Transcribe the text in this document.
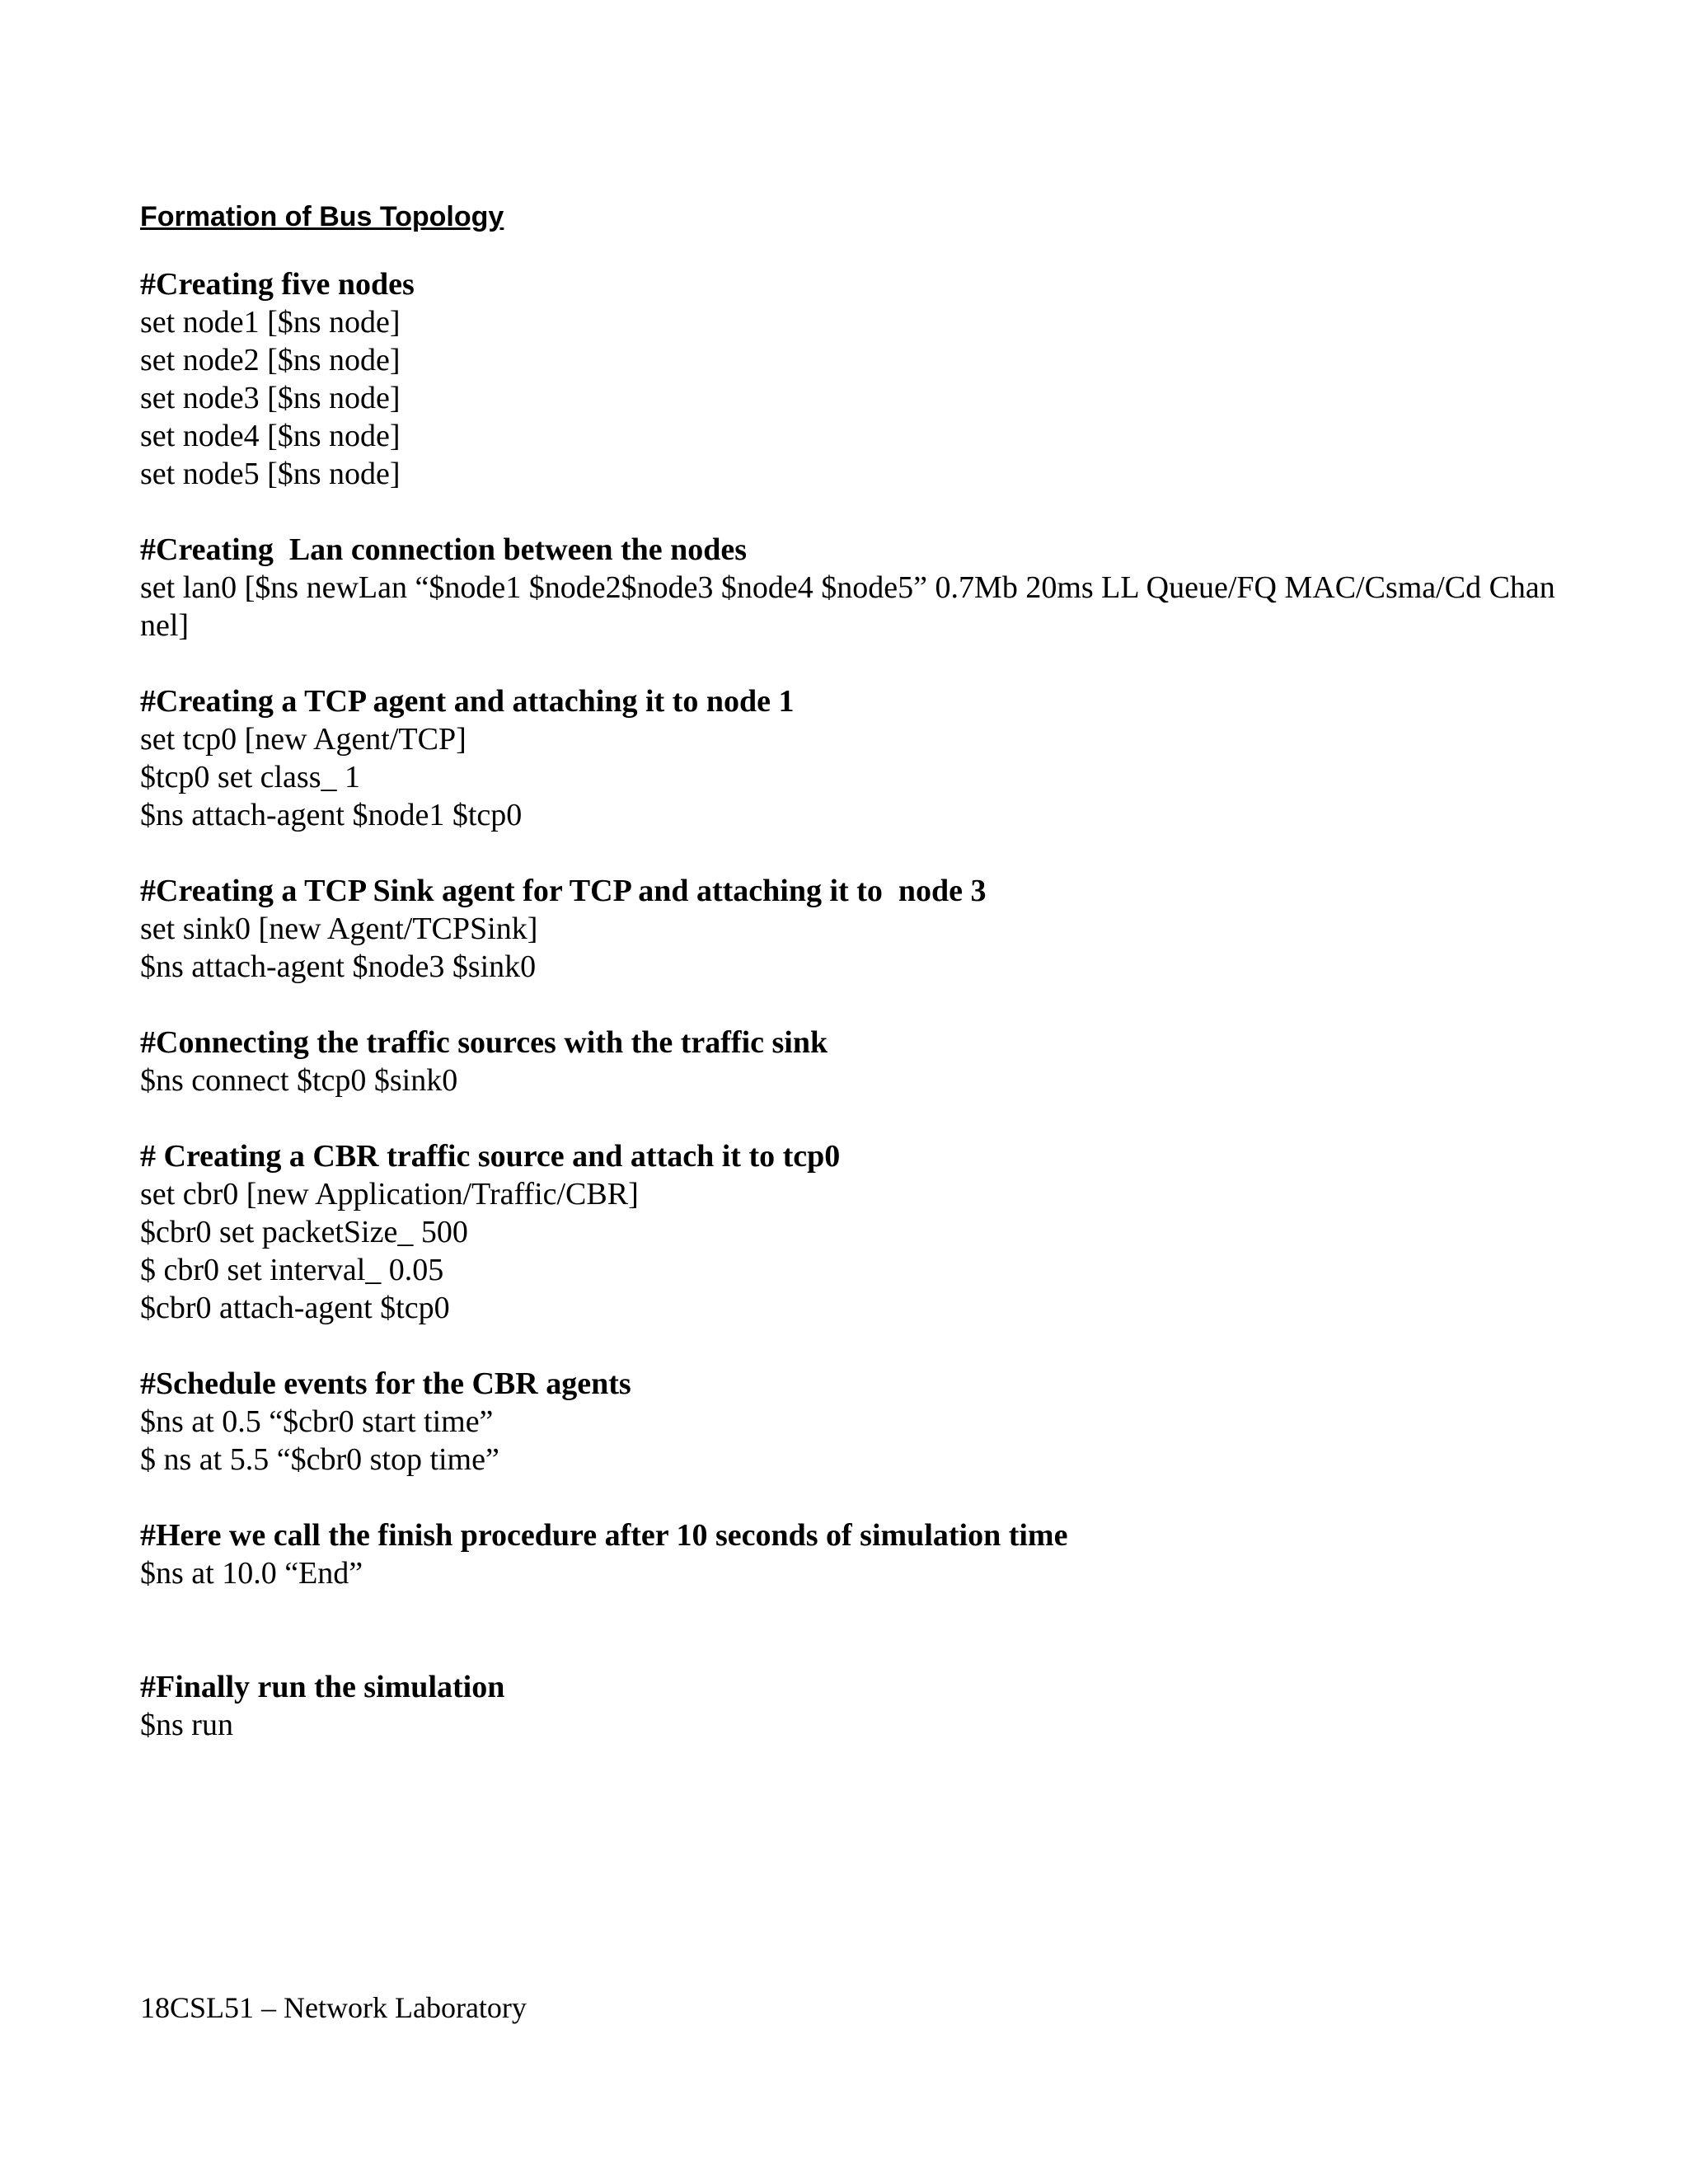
Formation of Bus Topology
#Creating five nodes
set node1 [$ns node]
set node2 [$ns node]
set node3 [$ns node]
set node4 [$ns node]
set node5 [$ns node]
#Creating  Lan connection between the nodes
set lan0 [$ns newLan “$node1 $node2$node3 $node4 $node5” 0.7Mb 20ms LL Queue/FQ MAC/Csma/Cd Channel]
#Creating a TCP agent and attaching it to node 1
set tcp0 [new Agent/TCP]
$tcp0 set class_ 1
$ns attach-agent $node1 $tcp0
#Creating a TCP Sink agent for TCP and attaching it to  node 3
set sink0 [new Agent/TCPSink]
$ns attach-agent $node3 $sink0
#Connecting the traffic sources with the traffic sink
$ns connect $tcp0 $sink0
# Creating a CBR traffic source and attach it to tcp0
set cbr0 [new Application/Traffic/CBR]
$cbr0 set packetSize_ 500
$ cbr0 set interval_ 0.05
$cbr0 attach-agent $tcp0
#Schedule events for the CBR agents
$ns at 0.5 “$cbr0 start time”
$ ns at 5.5 “$cbr0 stop time”
#Here we call the finish procedure after 10 seconds of simulation time
$ns at 10.0 “End”
#Finally run the simulation
$ns run
18CSL51 – Network Laboratory
